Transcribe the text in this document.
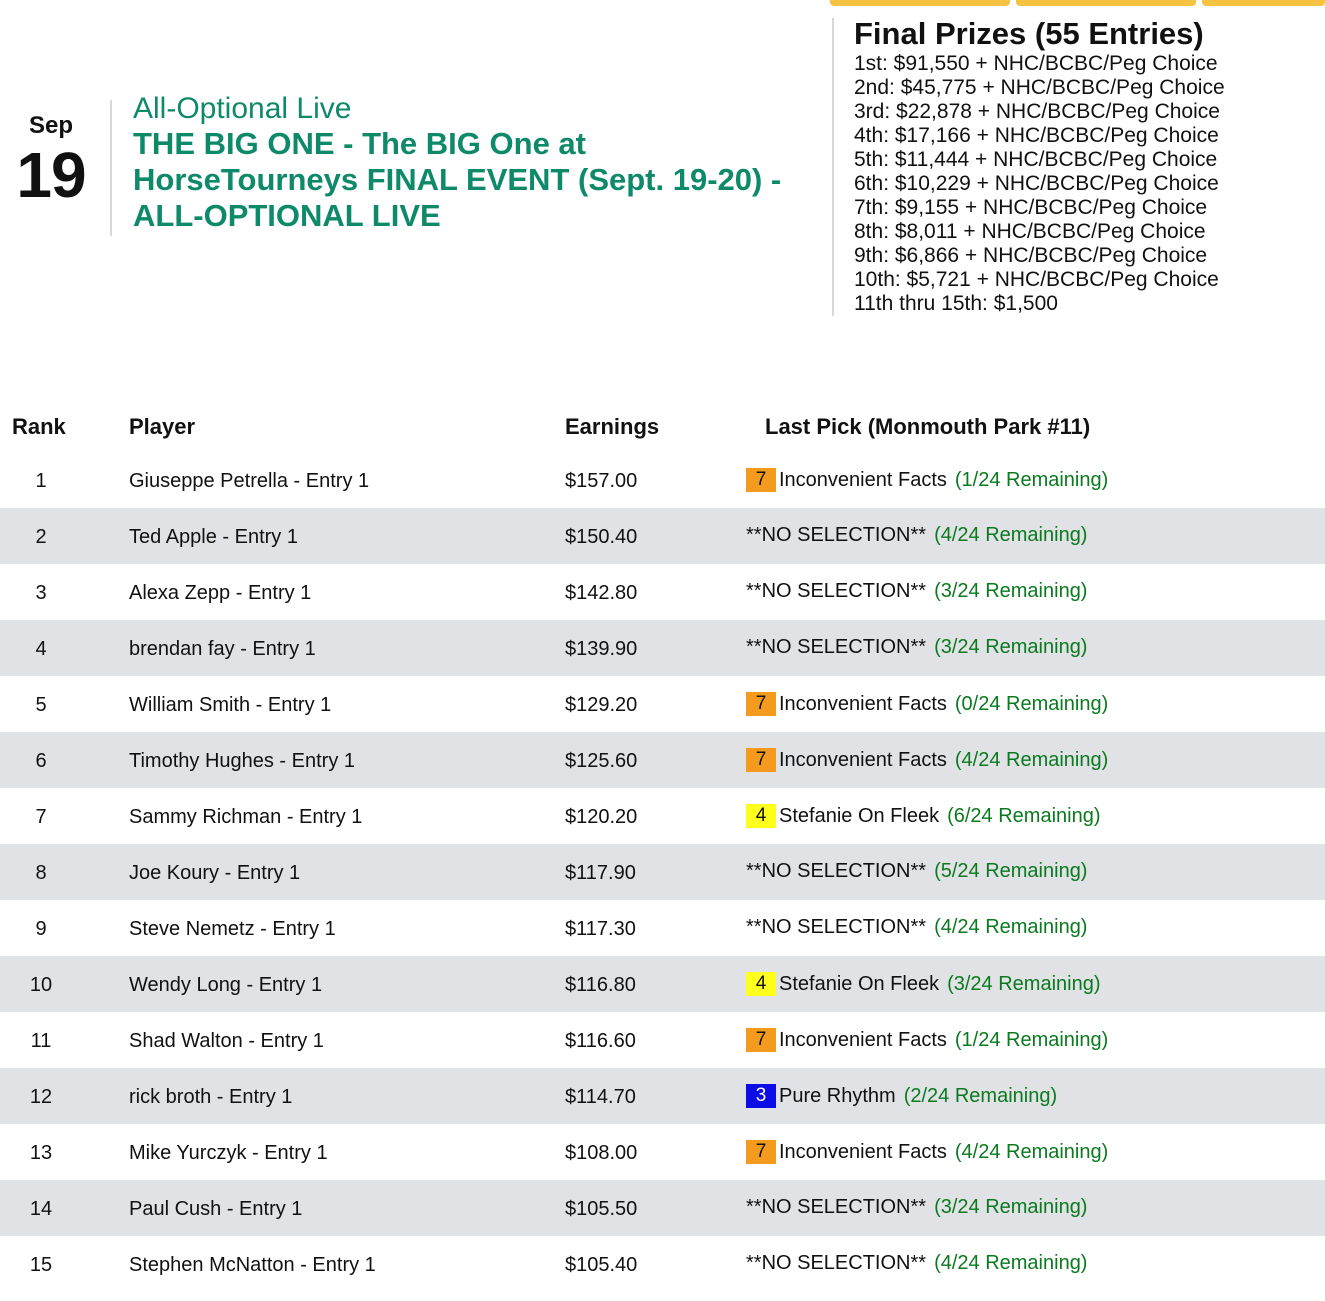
Sep
19
All-Optional Live
THE BIG ONE - The BIG One at HorseTourneys FINAL EVENT (Sept. 19-20) - ALL-OPTIONAL LIVE
Final Prizes (55 Entries)
1st: $91,550 + NHC/BCBC/Peg Choice
2nd: $45,775 + NHC/BCBC/Peg Choice
3rd: $22,878 + NHC/BCBC/Peg Choice
4th: $17,166 + NHC/BCBC/Peg Choice
5th: $11,444 + NHC/BCBC/Peg Choice
6th: $10,229 + NHC/BCBC/Peg Choice
7th: $9,155 + NHC/BCBC/Peg Choice
8th: $8,011 + NHC/BCBC/Peg Choice
9th: $6,866 + NHC/BCBC/Peg Choice
10th: $5,721 + NHC/BCBC/Peg Choice
11th thru 15th: $1,500
Rank	Player	Earnings	Last Pick (Monmouth Park #11)
1	Giuseppe Petrella - Entry 1	$157.00	7 Inconvenient Facts (1/24 Remaining)
2	Ted Apple - Entry 1	$150.40	**NO SELECTION** (4/24 Remaining)
3	Alexa Zepp - Entry 1	$142.80	**NO SELECTION** (3/24 Remaining)
4	brendan fay - Entry 1	$139.90	**NO SELECTION** (3/24 Remaining)
5	William Smith - Entry 1	$129.20	7 Inconvenient Facts (0/24 Remaining)
6	Timothy Hughes - Entry 1	$125.60	7 Inconvenient Facts (4/24 Remaining)
7	Sammy Richman - Entry 1	$120.20	4 Stefanie On Fleek (6/24 Remaining)
8	Joe Koury - Entry 1	$117.90	**NO SELECTION** (5/24 Remaining)
9	Steve Nemetz - Entry 1	$117.30	**NO SELECTION** (4/24 Remaining)
10	Wendy Long - Entry 1	$116.80	4 Stefanie On Fleek (3/24 Remaining)
11	Shad Walton - Entry 1	$116.60	7 Inconvenient Facts (1/24 Remaining)
12	rick broth - Entry 1	$114.70	3 Pure Rhythm (2/24 Remaining)
13	Mike Yurczyk - Entry 1	$108.00	7 Inconvenient Facts (4/24 Remaining)
14	Paul Cush - Entry 1	$105.50	**NO SELECTION** (3/24 Remaining)
15	Stephen McNatton - Entry 1	$105.40	**NO SELECTION** (4/24 Remaining)
